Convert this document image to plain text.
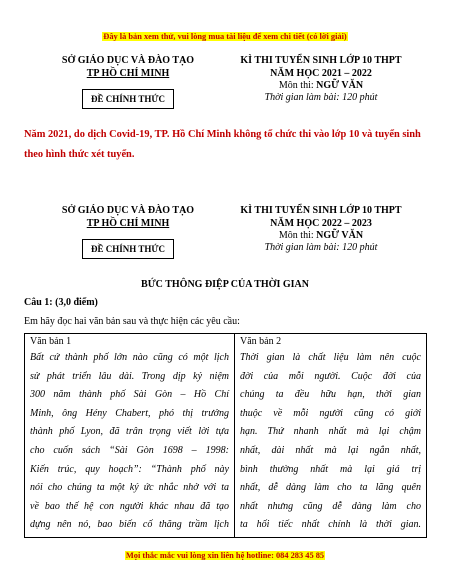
Đây là bản xem thử, vui lòng mua tài liệu để xem chi tiết (có lời giải)
SỞ GIÁO DỤC VÀ ĐÀO TẠO
TP HỒ CHÍ MINH
ĐỀ CHÍNH THỨC
KÌ THI TUYỂN SINH LỚP 10 THPT
NĂM HỌC 2021 – 2022
Môn thi: NGỮ VĂN
Thời gian làm bài: 120 phút
Năm 2021, do dịch Covid-19, TP. Hồ Chí Minh không tổ chức thi vào lớp 10 và tuyển sinh theo hình thức xét tuyển.
SỞ GIÁO DỤC VÀ ĐÀO TẠO
TP HỒ CHÍ MINH
ĐỀ CHÍNH THỨC
KÌ THI TUYỂN SINH LỚP 10 THPT
NĂM HỌC 2022 – 2023
Môn thi: NGỮ VĂN
Thời gian làm bài: 120 phút
BỨC THÔNG ĐIỆP CỦA THỜI GIAN
Câu 1: (3,0 điểm)
Em hãy đọc hai văn bản sau và thực hiện các yêu cầu:
Văn bản 1
Bất cứ thành phố lớn nào cũng có một lịch
sử phát triển lâu dài. Trong dịp kỷ niệm
300 năm thành phố Sài Gòn – Hồ Chí
Minh, ông Hény Chabert, phó thị trưởng
thành phố Lyon, đã trân trọng viết lời tựa
cho cuốn sách “Sài Gòn 1698 – 1998:
Kiến trúc, quy hoạch”: “Thành phố này
nói cho chúng ta một ký ức nhắc nhở với ta
về bao thế hệ con người khác nhau đã tạo
dựng nên nó, bao biến cố thăng trầm lịch

Văn bản 2
Thời gian là chất liệu làm nên cuộc
đời của mỗi người. Cuộc đời của
chúng ta đều hữu hạn, thời gian
thuộc về mỗi người cũng có giới
hạn. Thứ nhanh nhất mà lại chậm
nhất, dài nhất mà lại ngắn nhất,
bình thường nhất mà lại giá trị
nhất, dễ dàng làm cho ta lãng quên
nhất nhưng cũng dễ dàng làm cho
ta hối tiếc nhất chính là thời gian.
Mọi thắc mắc vui lòng xin liên hệ hotline: 084 283 45 85
